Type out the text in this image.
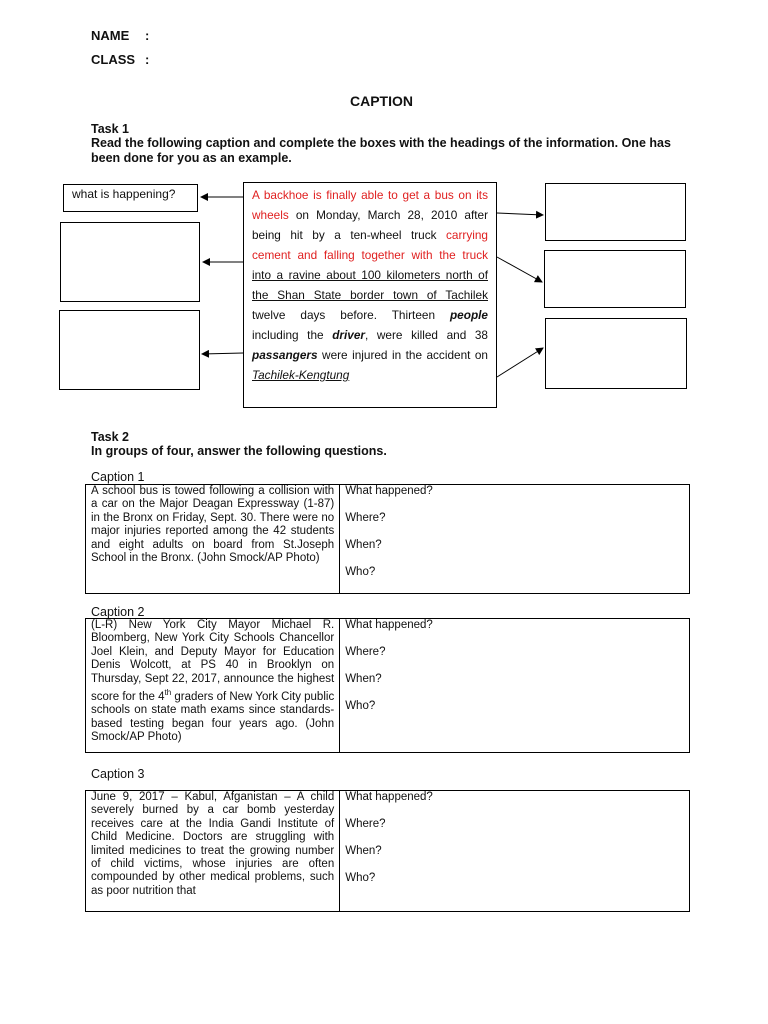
NAME :
CLASS :
CAPTION
Task 1
Read the following caption and complete the boxes with the headings of the information. One has been done for you as an example.
what is happening?	A backhoe is finally able to get a bus on its wheels on Monday, March 28, 2010 after being hit by a ten-wheel truck carrying cement and falling together with the truck into a ravine about 100 kilometers north of the Shan State border town of Tachilek twelve days before. Thirteen people including the driver, were killed and 38 passangers were injured in the accident on Tachilek-Kengtung

Task 2
In groups of four, answer the following questions.
Caption 1
A school bus is towed following a collision with a car on the Major Deagan Expressway (1-87) in the Bronx on Friday, Sept. 30. There were no major injuries reported among the 42 students and eight adults on board from St.Joseph School in the Bronx. (John Smock/AP Photo)	
What happened?
Where?
When?
Who?
Caption 2
(L-R) New York City Mayor Michael R. Bloomberg, New York City Schools Chancellor Joel Klein, and Deputy Mayor for Education Denis Wolcott, at PS 40 in Brooklyn on Thursday, Sept 22, 2017, announce the highest score for the 4th graders of New York City public schools on state math exams since standards-based testing began four years ago. (John Smock/AP Photo)	
What happened?
Where?
When?
Who?
Caption 3
June 9, 2017 – Kabul, Afganistan – A child severely burned by a car bomb yesterday receives care at the India Gandi Institute of Child Medicine. Doctors are struggling with limited medicines to treat the growing number of child victims, whose injuries are often compounded by other medical problems, such as poor nutrition that	
What happened?
Where?
When?
Who?
